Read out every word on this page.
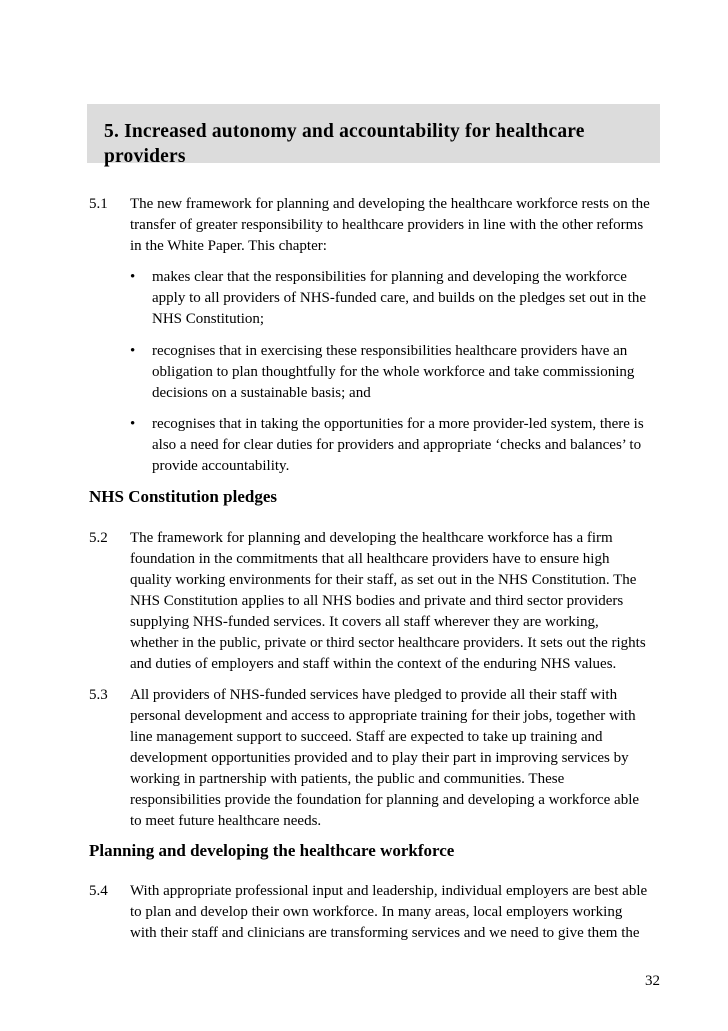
5. Increased autonomy and accountability for healthcare providers
5.1 The new framework for planning and developing the healthcare workforce rests on the transfer of greater responsibility to healthcare providers in line with the other reforms in the White Paper. This chapter:

• makes clear that the responsibilities for planning and developing the workforce apply to all providers of NHS-funded care, and builds on the pledges set out in the NHS Constitution;

• recognises that in exercising these responsibilities healthcare providers have an obligation to plan thoughtfully for the whole workforce and take commissioning decisions on a sustainable basis; and

• recognises that in taking the opportunities for a more provider-led system, there is also a need for clear duties for providers and appropriate ‘checks and balances’ to provide accountability.

NHS Constitution pledges
5.2 The framework for planning and developing the healthcare workforce has a firm foundation in the commitments that all healthcare providers have to ensure high quality working environments for their staff, as set out in the NHS Constitution. The NHS Constitution applies to all NHS bodies and private and third sector providers supplying NHS-funded services. It covers all staff wherever they are working, whether in the public, private or third sector healthcare providers. It sets out the rights and duties of employers and staff within the context of the enduring NHS values.

5.3 All providers of NHS-funded services have pledged to provide all their staff with personal development and access to appropriate training for their jobs, together with line management support to succeed. Staff are expected to take up training and development opportunities provided and to play their part in improving services by working in partnership with patients, the public and communities. These responsibilities provide the foundation for planning and developing a workforce able to meet future healthcare needs.

Planning and developing the healthcare workforce
5.4 With appropriate professional input and leadership, individual employers are best able to plan and develop their own workforce. In many areas, local employers working with their staff and clinicians are transforming services and we need to give them the

32
